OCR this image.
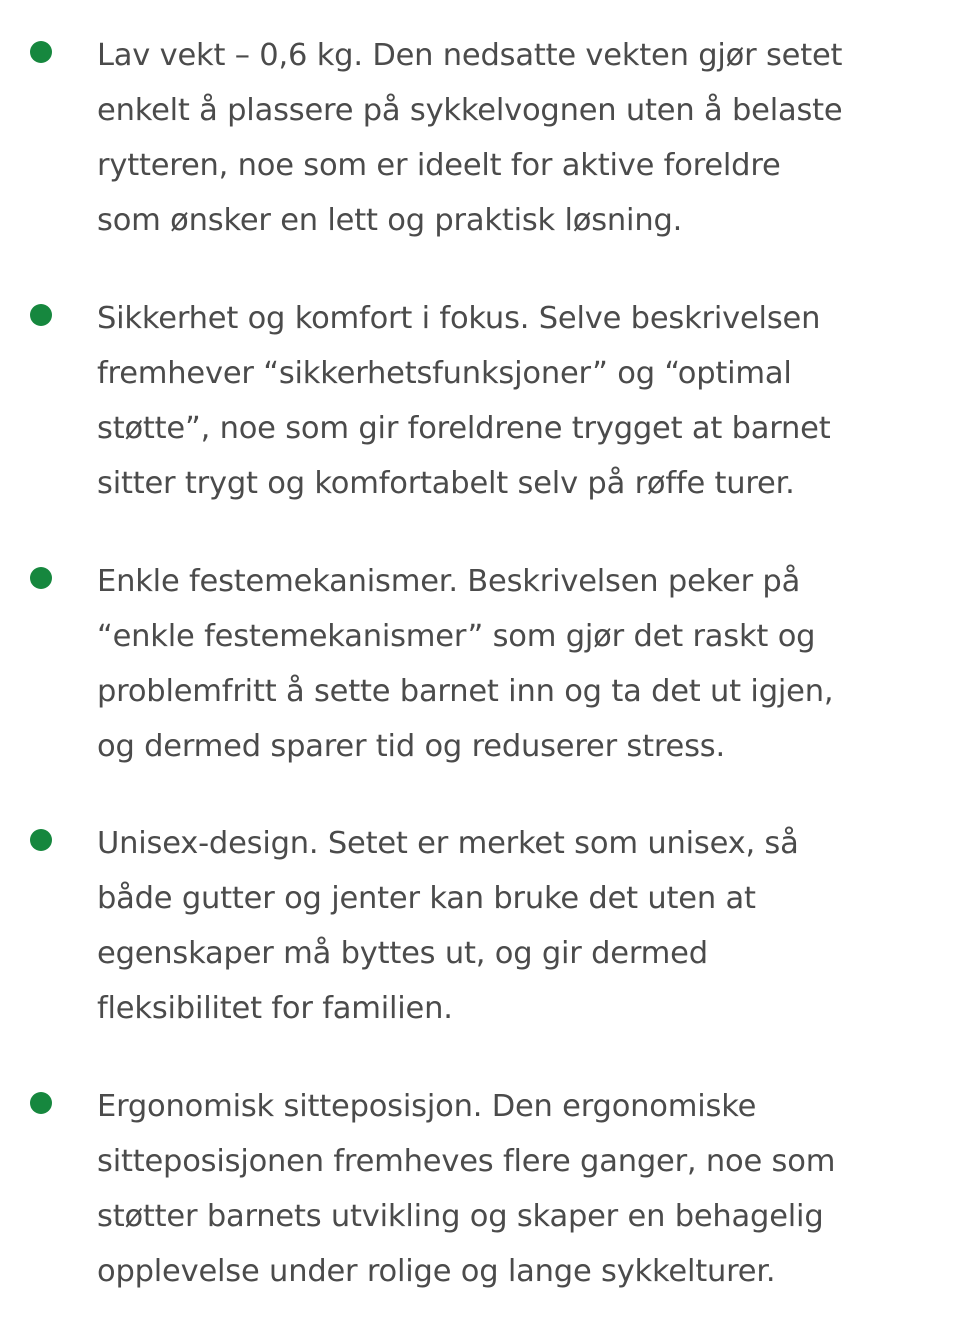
Lav vekt – 0,6 kg. Den nedsatte vekten gjør setet
enkelt å plassere på sykkelvognen uten å belaste
rytteren, noe som er ideelt for aktive foreldre
som ønsker en lett og praktisk løsning.

Sikkerhet og komfort i fokus. Selve beskrivelsen
fremhever “sikkerhetsfunksjoner” og “optimal
støtte”, noe som gir foreldrene trygget at barnet
sitter trygt og komfortabelt selv på røffe turer.

Enkle festemekanismer. Beskrivelsen peker på
“enkle festemekanismer” som gjør det raskt og
problemfritt å sette barnet inn og ta det ut igjen,
og dermed sparer tid og reduserer stress.

Unisex-design. Setet er merket som unisex, så
både gutter og jenter kan bruke det uten at
egenskaper må byttes ut, og gir dermed
fleksibilitet for familien.

Ergonomisk sitteposisjon. Den ergonomiske
sitteposisjonen fremheves flere ganger, noe som
støtter barnets utvikling og skaper en behagelig
opplevelse under rolige og lange sykkelturer.
